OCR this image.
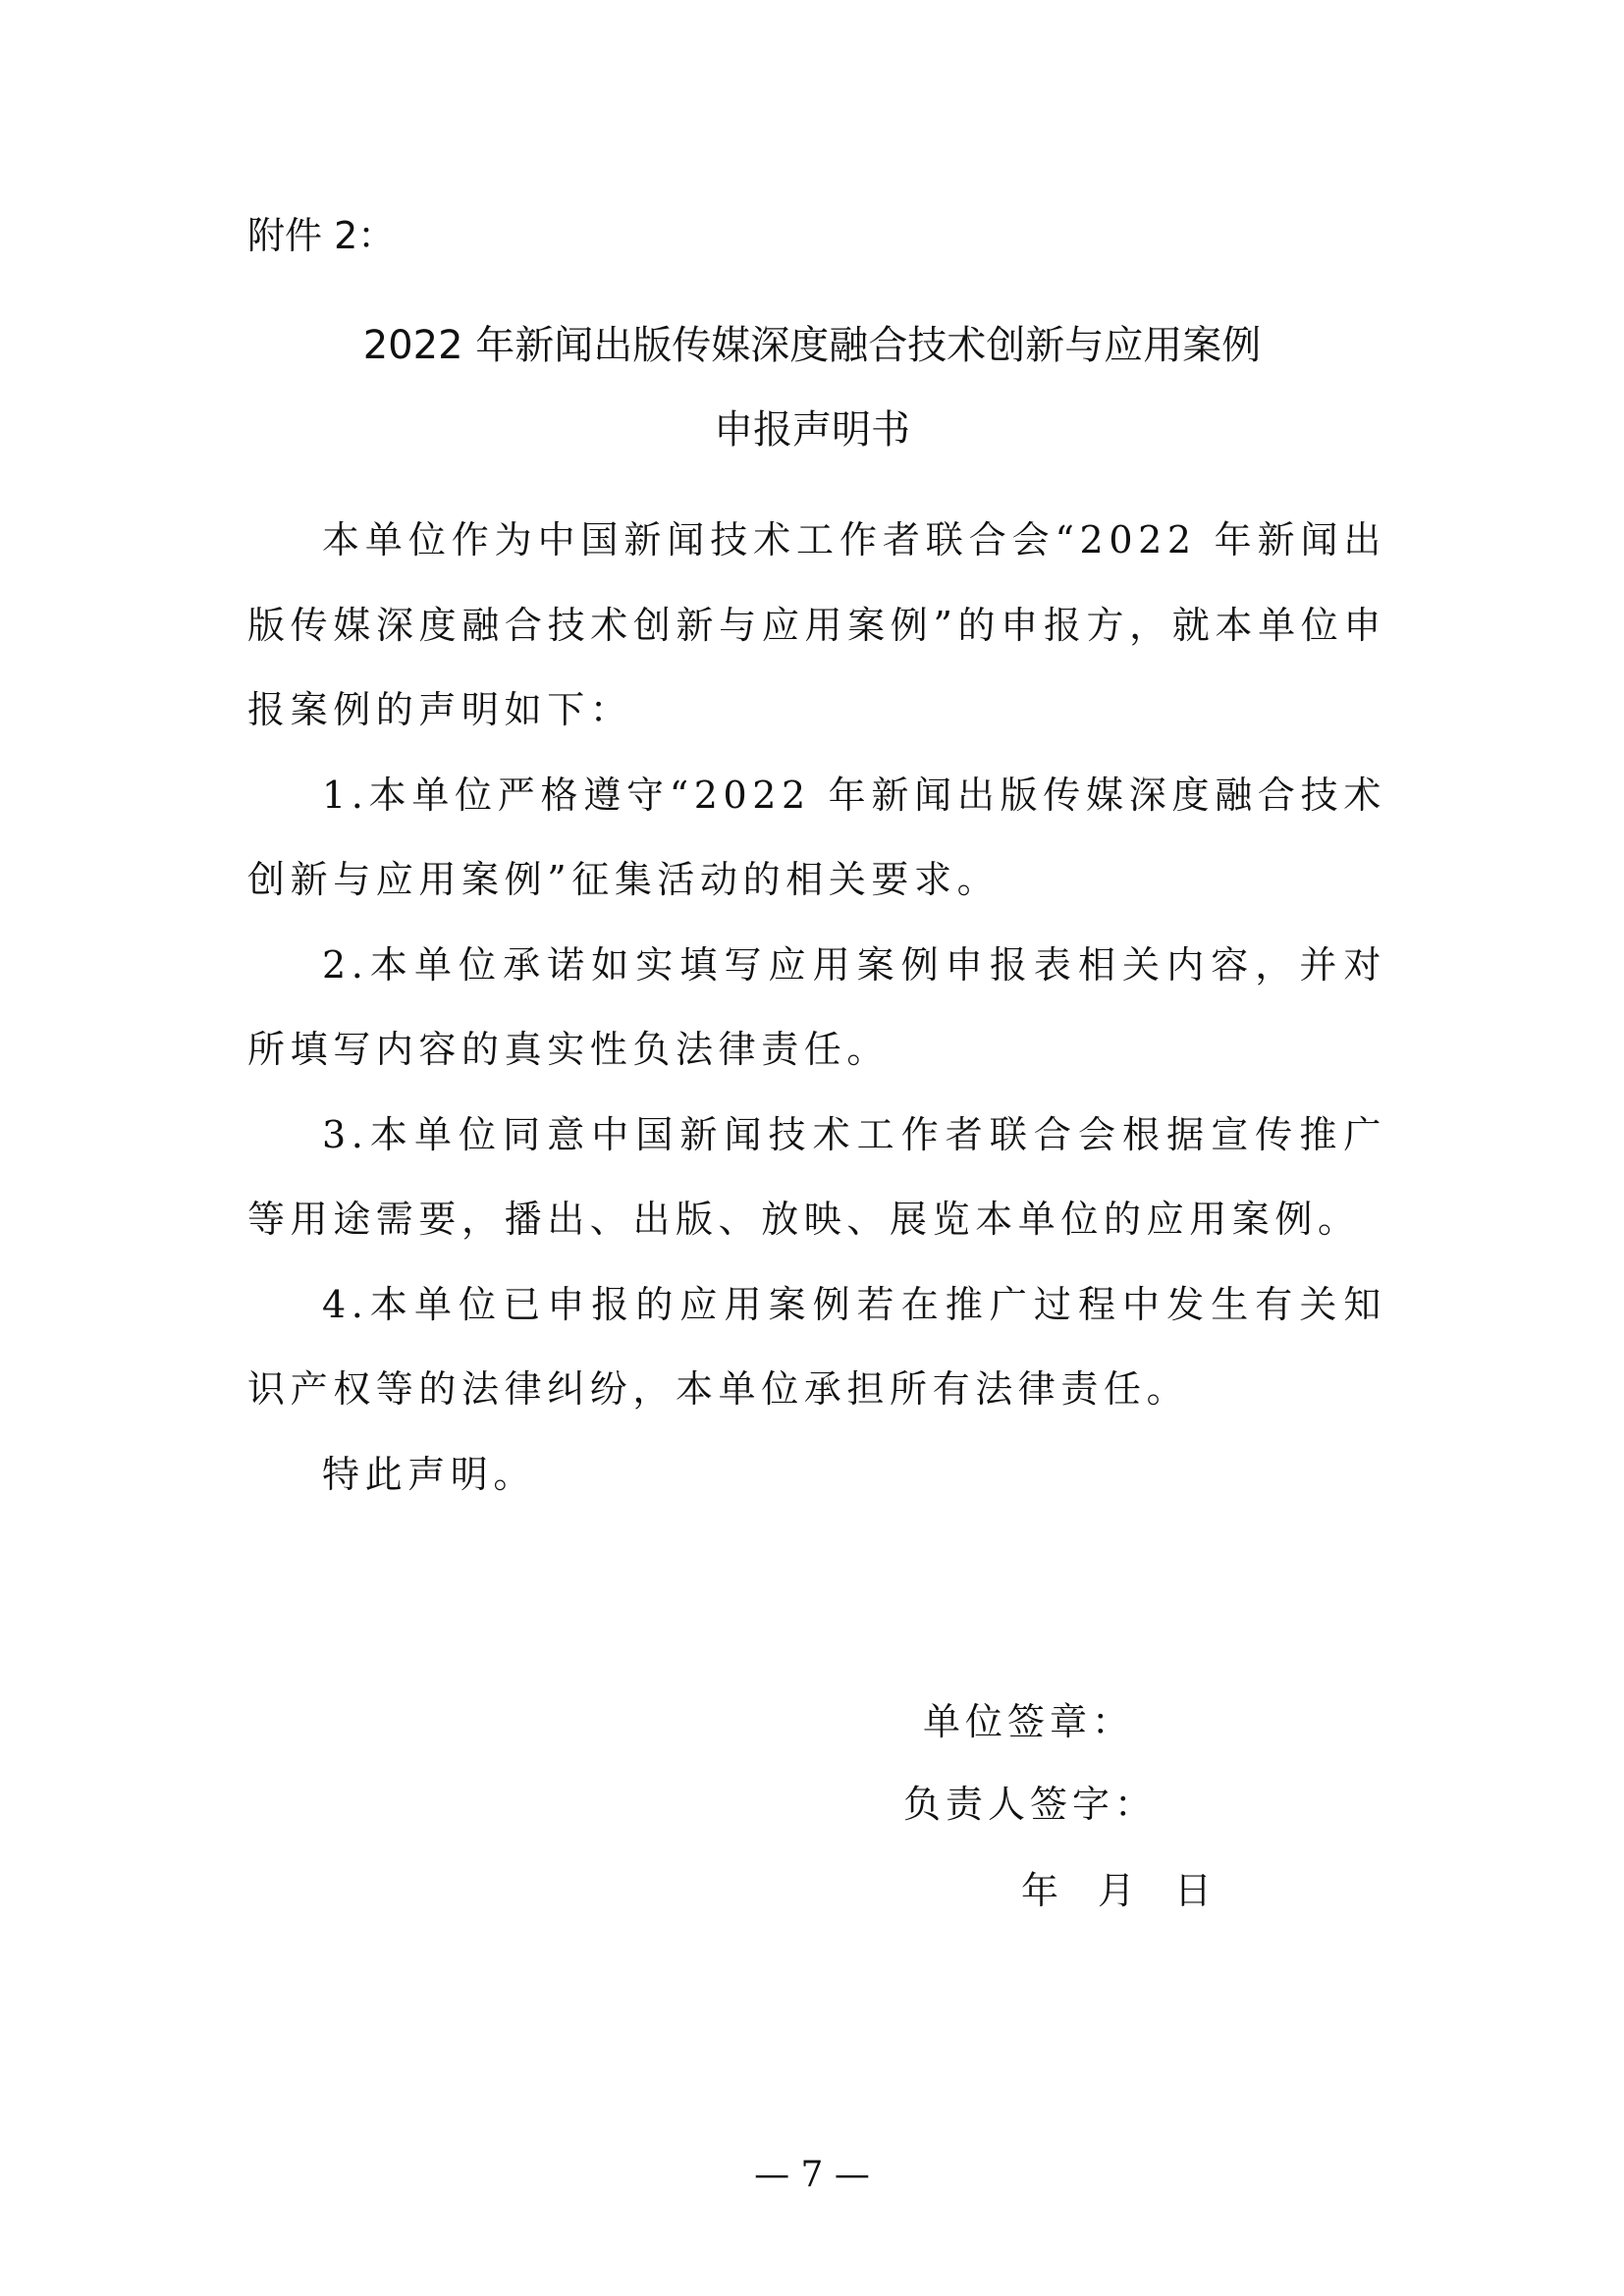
附件 2：
2022 年新闻出版传媒深度融合技术创新与应用案例
申报声明书

本单位作为中国新闻技术工作者联合会“2022 年新闻出版传媒深度融合技术创新与应用案例”的申报方，就本单位申报案例的声明如下：

1.本单位严格遵守“2022 年新闻出版传媒深度融合技术创新与应用案例”征集活动的相关要求。

2.本单位承诺如实填写应用案例申报表相关内容，并对所填写内容的真实性负法律责任。

3.本单位同意中国新闻技术工作者联合会根据宣传推广等用途需要，播出、出版、放映、展览本单位的应用案例。

4.本单位已申报的应用案例若在推广过程中发生有关知识产权等的法律纠纷，本单位承担所有法律责任。

特此声明。

单位签章：
负责人签字：
年 月 日
— 7 —
